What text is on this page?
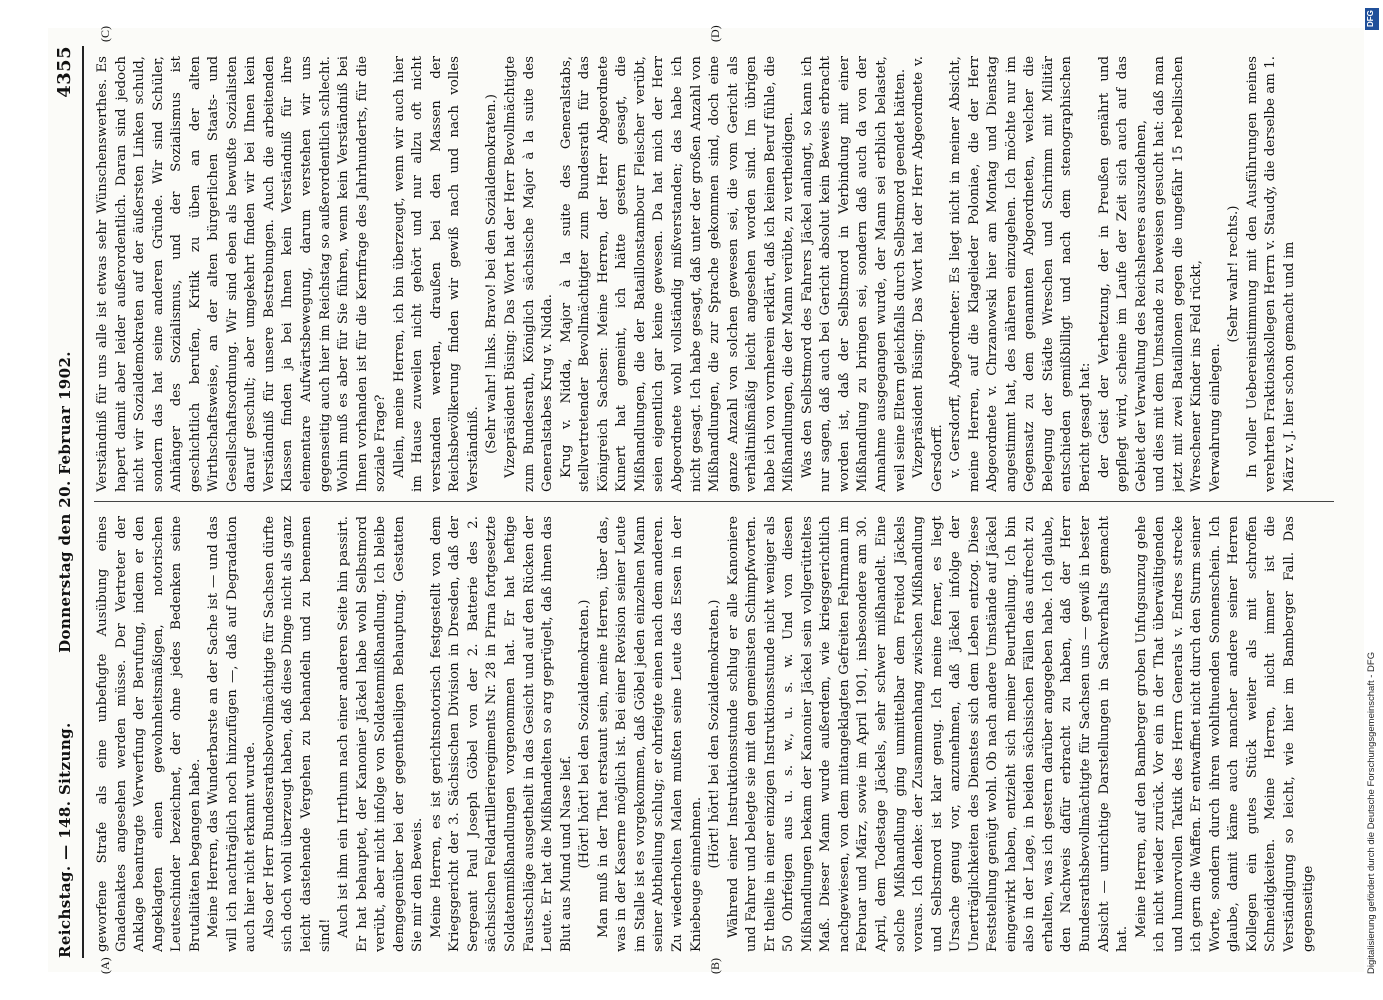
Reichstag. — 148. Sitzung.
Donnerstag den 20. Februar 1902.
4355
(A)	(B)
(C)	(D)

geworfene Strafe als eine unbefugte Ausübung eines Gnadenaktes angesehen werden müsse. Der Vertreter der Anklage beantragte Verwerfung der Berufung, indem er den Angeklagten einen gewohnheitsmäßigen, notorischen Leuteschinder bezeichnet, der ohne jedes Bedenken seine Brutalitäten begangen habe. Meine Herren, das Wunderbarste an der Sache ist — und das will ich nachträglich noch hinzufügen —, daß auf Degradation auch hier nicht erkannt wurde. Also der Herr Bundesrathsbevollmächtigte für Sachsen dürfte sich doch wohl überzeugt haben, daß diese Dinge nicht als ganz leicht dastehende Vergehen zu behandeln und zu benennen sind! Auch ist ihm ein Irrthum nach einer anderen Seite hin passirt. Er hat behauptet, der Kanonier Jäckel habe wohl Selbstmord verübt, aber nicht infolge von Soldatenmißhandlung. Ich bleibe demgegenüber bei der gegentheiligen Behauptung. Gestatten Sie mir den Beweis. Meine Herren, es ist gerichtsnotorisch festgestellt von dem Kriegsgericht der 3. Sächsischen Division in Dresden, daß der Sergeant Paul Joseph Göbel von der 2. Batterie des 2. sächsischen Feldartillerieregiments Nr. 28 in Pirna fortgesetzte Soldatenmißhandlungen vorgenommen hat. Er hat heftige Faustschläge ausgetheilt in das Gesicht und auf den Rücken der Leute. Er hat die Mißhandelten so arg geprügelt, daß ihnen das Blut aus Mund und Nase lief. (Hört! hört! bei den Sozialdemokraten.) Man muß in der That erstaunt sein, meine Herren, über das, was in der Kaserne möglich ist. Bei einer Revision seiner Leute im Stalle ist es vorgekommen, daß Göbel jeden einzelnen Mann seiner Abtheilung schlug; er ohrfeigte einen nach dem anderen. Zu wiederholten Malen mußten seine Leute das Essen in der Kniebeuge einnehmen.

(Hört! hört! bei den Sozialdemokraten.) Während einer Instruktionsstunde schlug er alle Kanoniere und Fahrer und belegte sie mit den gemeinsten Schimpfworten. Er theilte in einer einzigen Instruktionsstunde nicht weniger als 50 Ohrfeigen aus u. s. w., u. s. w. Und von diesen Mißhandlungen bekam der Kanonier Jäckel sein vollgerütteltes Maß. Dieser Mann wurde außerdem, wie kriegsgerichtlich nachgewiesen, von dem mitangeklagten Gefreiten Fehrmann im Februar und März, sowie im April 1901, insbesondere am 30. April, dem Todestage Jäckels, sehr schwer mißhandelt. Eine solche Mißhandlung ging unmittelbar dem Freitod Jäckels voraus. Ich denke: der Zusammenhang zwischen Mißhandlung und Selbstmord ist klar genug. Ich meine ferner, es liegt Ursache genug vor, anzunehmen, daß Jäckel infolge der Unerträglichkeiten des Dienstes sich dem Leben entzog. Diese Feststellung genügt wohl. Ob nach andere Umstände auf Jäckel eingewirkt haben, entzieht sich meiner Beurtheilung. Ich bin also in der Lage, in beiden sächsischen Fällen das aufrecht zu erhalten, was ich gestern darüber angegeben habe. Ich glaube, den Nachweis dafür erbracht zu haben, daß der Herr Bundesrathsbevollmächtigte für Sachsen uns — gewiß in bester Absicht — unrichtige Darstellungen in Sachverhalts gemacht hat.

Meine Herren, auf den Bamberger groben Unfugsunzug gehe ich nicht wieder zurück. Vor ein in der That überwältigenden und humorvollen Taktik des Herrn Generals v. Endres strecke ich gern die Waffen. Er entwaffnet nicht durch den Sturm seiner Worte, sondern durch ihren wohlthuenden Sonnenschein. Ich glaube, damit käme auch mancher andere seiner Herren Kollegen ein gutes Stück weiter als mit schroffen Schneidigkeiten. Meine Herren, nicht immer ist die Verständigung so leicht, wie hier im Bamberger Fall. Das gegenseitige

Verständniß für uns alle ist etwas sehr Wünschenswerthes. Es hapert damit aber leider außerordentlich. Daran sind jedoch nicht wir Sozialdemokraten auf der äußersten Linken schuld, sondern das hat seine anderen Gründe. Wir sind Schüler, Anhänger des Sozialismus, und der Sozialismus ist geschichtlich berufen, Kritik zu üben an der alten Wirthschaftsweise, an der alten bürgerlichen Staats- und Gesellschaftsordnung. Wir sind eben als bewußte Sozialisten darauf geschult; aber umgekehrt finden wir bei Ihnen kein Verständniß für unsere Bestrebungen. Auch die arbeitenden Klassen finden ja bei Ihnen kein Verständniß für ihre elementare Aufwärtsbewegung, darum verstehen wir uns gegenseitig auch hier im Reichstag so außerordentlich schlecht. Wohin muß es aber für Sie führen, wenn kein Verständniß bei Ihnen vorhanden ist für die Kernfrage des Jahrhunderts, für die soziale Frage? Allein, meine Herren, ich bin überzeugt, wenn wir auch hier im Hause zuweilen nicht gehört und nur allzu oft nicht verstanden werden, draußen bei den Massen der Reichsbevölkerung finden wir gewiß nach und nach volles Verständniß. (Sehr wahr! links. Bravo! bei den Sozialdemokraten.) Vizepräsident Büsing: Das Wort hat der Herr Bevollmächtigte zum Bundesrath, Königlich sächsische Major à la suite des Generalstabes Krug v. Nidda. Krug v. Nidda, Major à la suite des Generalstabs, stellvertretender Bevollmächtigter zum Bundesrath für das Königreich Sachsen: Meine Herren, der Herr Abgeordnete Kunert hat gemeint, ich hätte gestern gesagt, die Mißhandlungen, die der Bataillonstambour Fleischer verübt, seien eigentlich gar keine gewesen. Da hat mich der Herr Abgeordnete wohl vollständig mißverstanden; das habe ich nicht gesagt. Ich habe gesagt, daß unter der großen Anzahl von Mißhandlungen, die zur Sprache gekommen sind, doch eine ganze Anzahl von solchen gewesen sei, die vom Gericht als verhältnißmäßig leicht angesehen worden sind. Im übrigen habe ich von vornherein erklärt, daß ich keinen Beruf fühle, die Mißhandlungen, die der Mann verübte, zu vertheidigen. Was den Selbstmord des Fahrers Jäckel anlangt, so kann ich nur sagen, daß auch bei Gericht absolut kein Beweis erbracht worden ist, daß der Selbstmord in Verbindung mit einer Mißhandlung zu bringen sei, sondern daß auch da von der Annahme ausgegangen wurde, der Mann sei erblich belastet, weil seine Eltern gleichfalls durch Selbstmord geendet hätten. Vizepräsident Büsing: Das Wort hat der Herr Abgeordnete v. Gersdorff. v. Gersdorff, Abgeordneter: Es liegt nicht in meiner Absicht, meine Herren, auf die Klagelieder Poloniae, die der Herr Abgeordnete v. Chrzanowski hier am Montag und Dienstag angestimmt hat, des näheren einzugehen. Ich möchte nur im Gegensatz zu dem genannten Abgeordneten, welcher die Belegung der Städte Wreschen und Schrimm mit Militär entschieden gemißbilligt und nach dem stenographischen Bericht gesagt hat: der Geist der Verhetzung, der in Preußen genährt und gepflegt wird, scheine im Laufe der Zeit sich auch auf das Gebiet der Verwaltung des Reichsheeres auszudehnen, und dies mit dem Umstande zu beweisen gesucht hat: daß man jetzt mit zwei Bataillonen gegen die ungefähr 15 rebellischen Wreschener Kinder ins Feld rückt, Verwahrung einlegen.

(Sehr wahr! rechts.) In voller Uebereinstimmung mit den Ausführungen meines verehrten Fraktionskollegen Herrn v. Staudy, die derselbe am 1. März v. J. hier schon gemacht und im

DFG
Digitalisierung gefördert durch die Deutsche Forschungsgemeinschaft - DFG
